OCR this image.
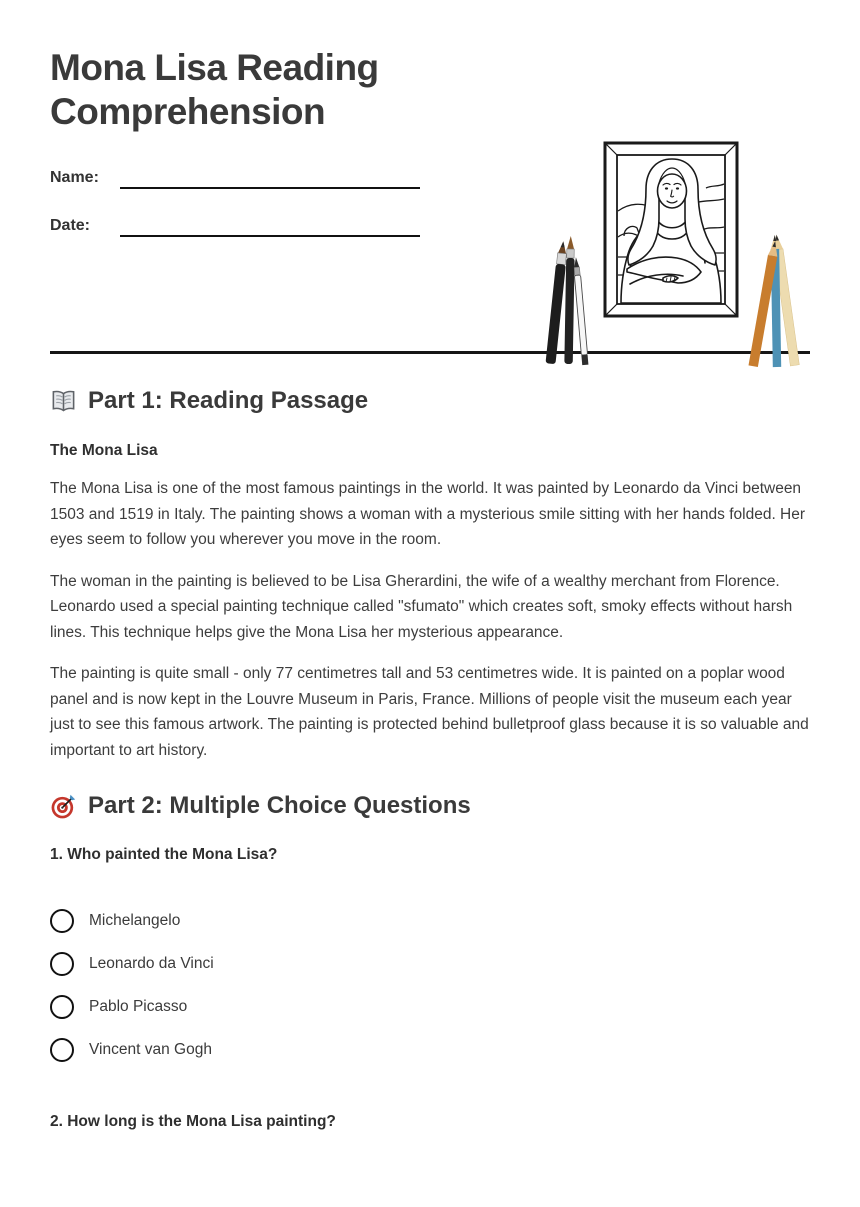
Mona Lisa Reading Comprehension
Name:
Date:
Part 1: Reading Passage
The Mona Lisa

The Mona Lisa is one of the most famous paintings in the world. It was painted by Leonardo da Vinci between 1503 and 1519 in Italy. The painting shows a woman with a mysterious smile sitting with her hands folded. Her eyes seem to follow you wherever you move in the room.

The woman in the painting is believed to be Lisa Gherardini, the wife of a wealthy merchant from Florence. Leonardo used a special painting technique called "sfumato" which creates soft, smoky effects without harsh lines. This technique helps give the Mona Lisa her mysterious appearance.

The painting is quite small - only 77 centimetres tall and 53 centimetres wide. It is painted on a poplar wood panel and is now kept in the Louvre Museum in Paris, France. Millions of people visit the museum each year just to see this famous artwork. The painting is protected behind bulletproof glass because it is so valuable and important to art history.

Part 2: Multiple Choice Questions
1. Who painted the Mona Lisa?
Michelangelo
Leonardo da Vinci
Pablo Picasso
Vincent van Gogh
2. How long is the Mona Lisa painting?
